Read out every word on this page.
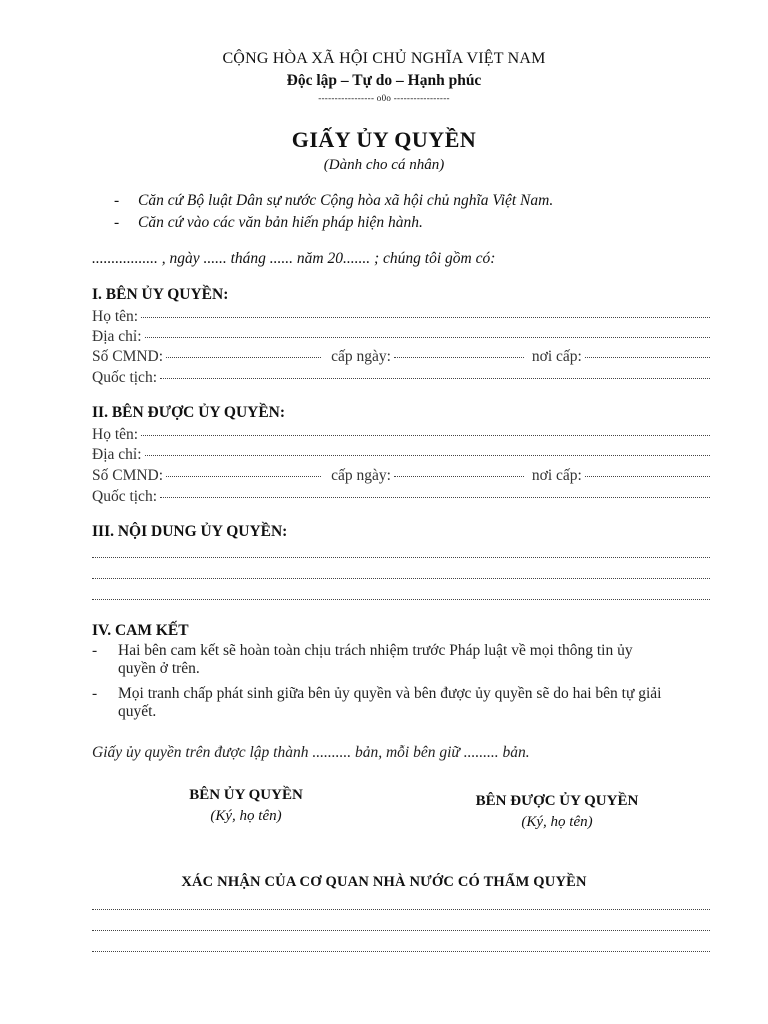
CỘNG HÒA XÃ HỘI CHỦ NGHĨA VIỆT NAM
Độc lập – Tự do – Hạnh phúc
----------------- o0o -----------------
GIẤY ỦY QUYỀN
(Dành cho cá nhân)
- Căn cứ Bộ luật Dân sự nước Cộng hòa xã hội chủ nghĩa Việt Nam.
- Căn cứ vào các văn bản hiến pháp hiện hành.
................. , ngày ...... tháng ...... năm 20....... ; chúng tôi gồm có:
I. BÊN ỦY QUYỀN:
Họ tên:
Địa chỉ:
Số CMND:	cấp ngày:	nơi cấp:
Quốc tịch:
II. BÊN ĐƯỢC ỦY QUYỀN:
Họ tên:
Địa chỉ:
Số CMND:	cấp ngày:	nơi cấp:
Quốc tịch:
III. NỘI DUNG ỦY QUYỀN:
IV. CAM KẾT
- Hai bên cam kết sẽ hoàn toàn chịu trách nhiệm trước Pháp luật về mọi thông tin ủy
quyền ở trên.
- Mọi tranh chấp phát sinh giữa bên ủy quyền và bên được ủy quyền sẽ do hai bên tự giải
quyết.
Giấy ủy quyền trên được lập thành .......... bản, mỗi bên giữ ......... bản.
BÊN ỦY QUYỀN
(Ký, họ tên)
BÊN ĐƯỢC ỦY QUYỀN
(Ký, họ tên)
XÁC NHẬN CỦA CƠ QUAN NHÀ NƯỚC CÓ THẨM QUYỀN
